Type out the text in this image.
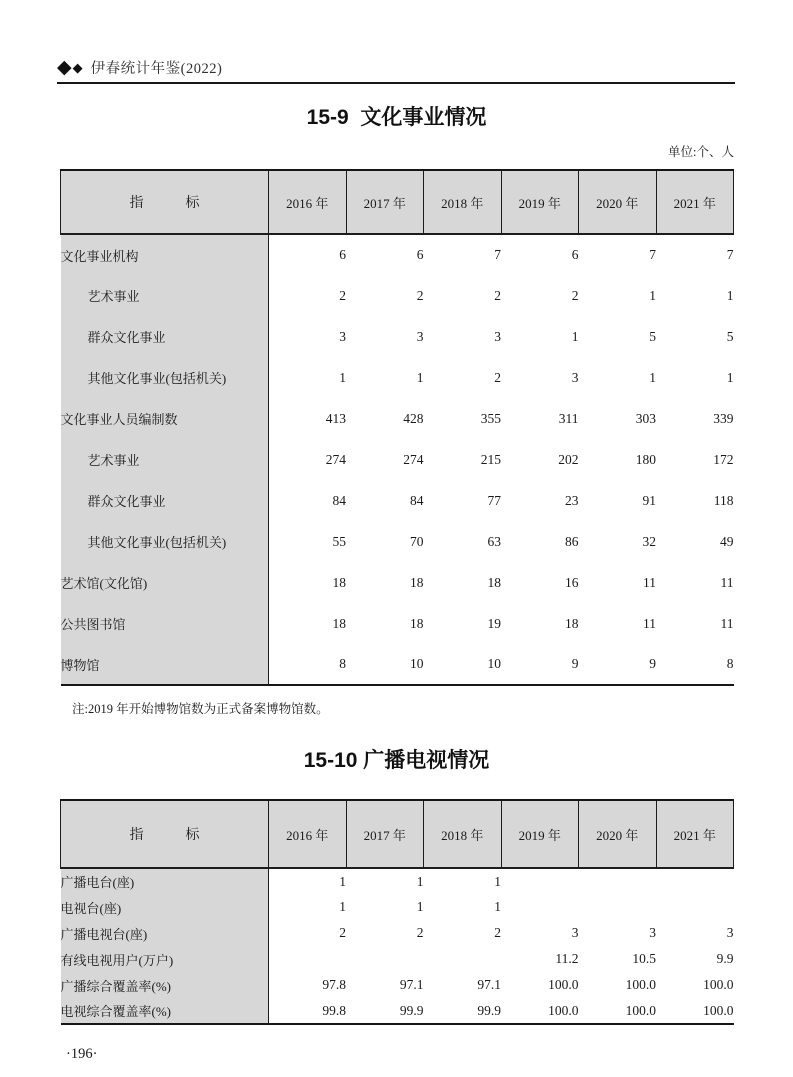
◆ ◆ 伊春统计年鉴(2022)
15-9  文化事业情况
单位:个、人
指　　　标	2016 年	2017 年	2018 年	2019 年	2020 年	2021 年
文化事业机构	6	6	7	6	7	7
艺术事业	2	2	2	2	1	1
群众文化事业	3	3	3	1	5	5
其他文化事业(包括机关)	1	1	2	3	1	1
文化事业人员编制数	413	428	355	311	303	339
艺术事业	274	274	215	202	180	172
群众文化事业	84	84	77	23	91	118
其他文化事业(包括机关)	55	70	63	86	32	49
艺术馆(文化馆)	18	18	18	16	11	11
公共图书馆	18	18	19	18	11	11
博物馆	8	10	10	9	9	8
注:2019 年开始博物馆数为正式备案博物馆数。
15-10 广播电视情况
指　　　标	2016 年	2017 年	2018 年	2019 年	2020 年	2021 年
广播电台(座)	1	1	1			
电视台(座)	1	1	1			
广播电视台(座)	2	2	2	3	3	3
有线电视用户(万户)				11.2	10.5	9.9
广播综合覆盖率(%)	97.8	97.1	97.1	100.0	100.0	100.0
电视综合覆盖率(%)	99.8	99.9	99.9	100.0	100.0	100.0
·196·
